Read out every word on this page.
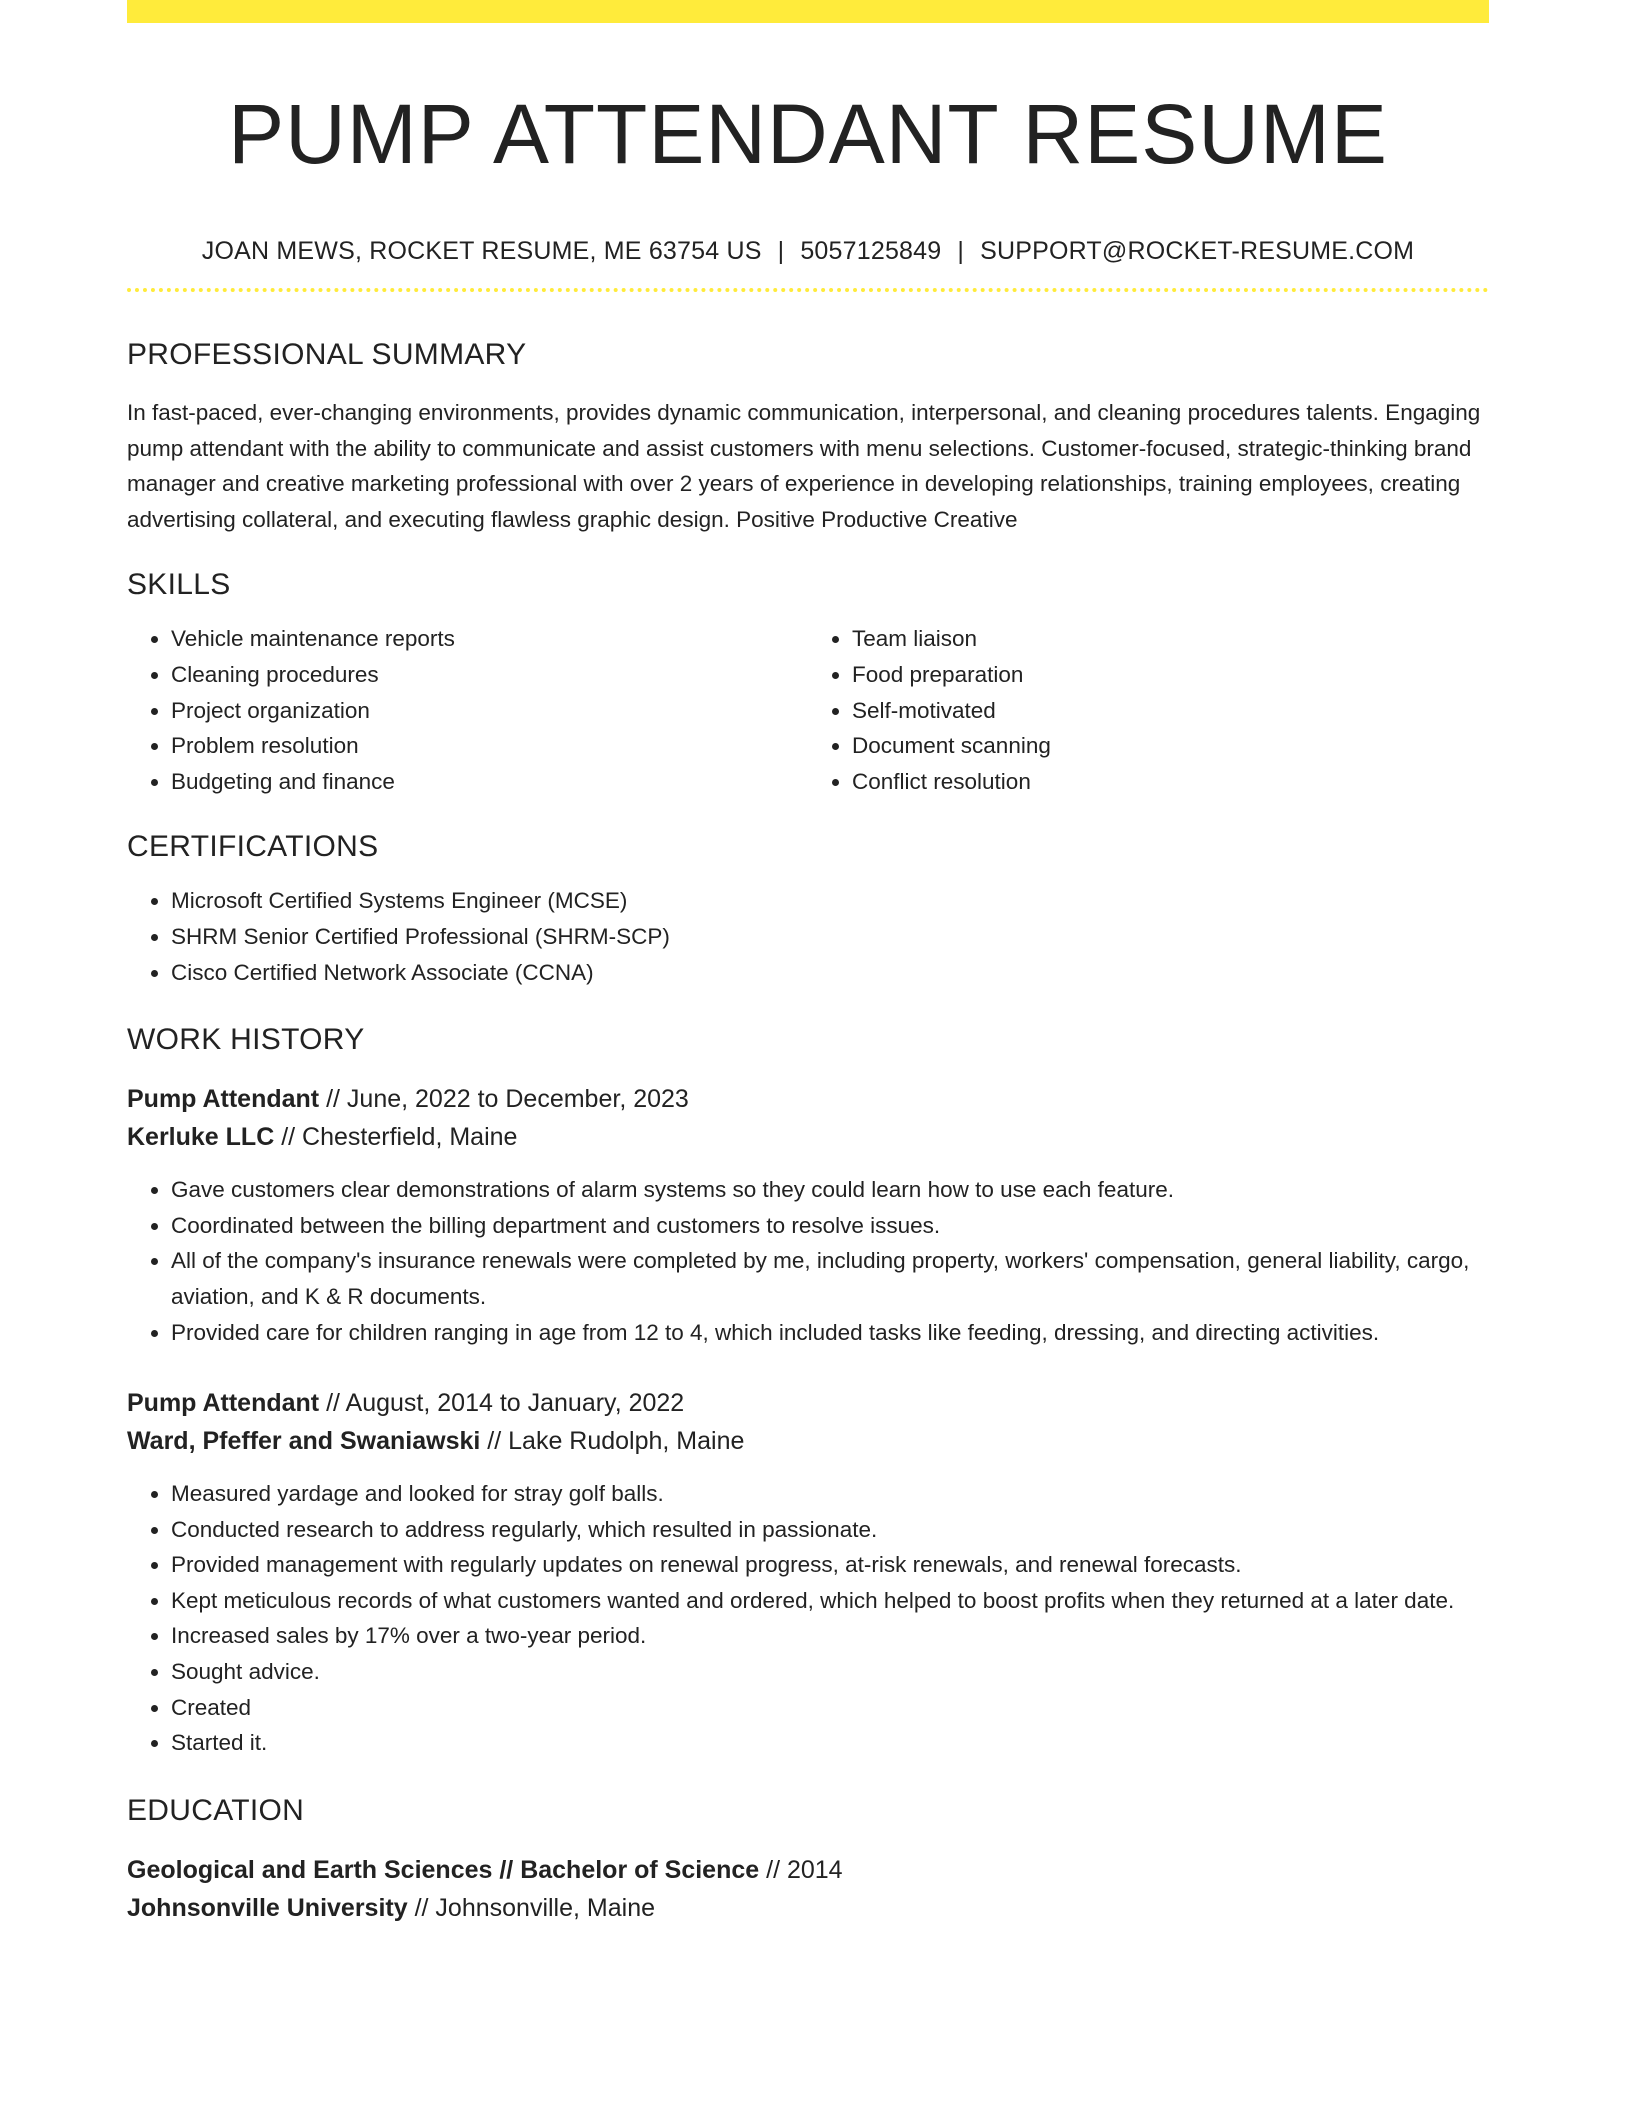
PUMP ATTENDANT RESUME
JOAN MEWS, ROCKET RESUME, ME 63754 US | 5057125849 | SUPPORT@ROCKET-RESUME.COM
PROFESSIONAL SUMMARY

In fast-paced, ever-changing environments, provides dynamic communication, interpersonal, and cleaning procedures talents. Engaging pump attendant with the ability to communicate and assist customers with menu selections. Customer-focused, strategic-thinking brand manager and creative marketing professional with over 2 years of experience in developing relationships, training employees, creating advertising collateral, and executing flawless graphic design. Positive Productive Creative

SKILLS
• Vehicle maintenance reports
• Cleaning procedures
• Project organization
• Problem resolution
• Budgeting and finance
• Team liaison
• Food preparation
• Self-motivated
• Document scanning
• Conflict resolution
CERTIFICATIONS
• Microsoft Certified Systems Engineer (MCSE)
• SHRM Senior Certified Professional (SHRM-SCP)
• Cisco Certified Network Associate (CCNA)
WORK HISTORY
Pump Attendant // June, 2022 to December, 2023
Kerluke LLC // Chesterfield, Maine
• Gave customers clear demonstrations of alarm systems so they could learn how to use each feature.
• Coordinated between the billing department and customers to resolve issues.
• All of the company's insurance renewals were completed by me, including property, workers' compensation, general liability, cargo, aviation, and K & R documents.
• Provided care for children ranging in age from 12 to 4, which included tasks like feeding, dressing, and directing activities.
Pump Attendant // August, 2014 to January, 2022
Ward, Pfeffer and Swaniawski // Lake Rudolph, Maine
• Measured yardage and looked for stray golf balls.
• Conducted research to address regularly, which resulted in passionate.
• Provided management with regularly updates on renewal progress, at-risk renewals, and renewal forecasts.
• Kept meticulous records of what customers wanted and ordered, which helped to boost profits when they returned at a later date.
• Increased sales by 17% over a two-year period.
• Sought advice.
• Created
• Started it.
EDUCATION
Geological and Earth Sciences // Bachelor of Science // 2014
Johnsonville University // Johnsonville, Maine
